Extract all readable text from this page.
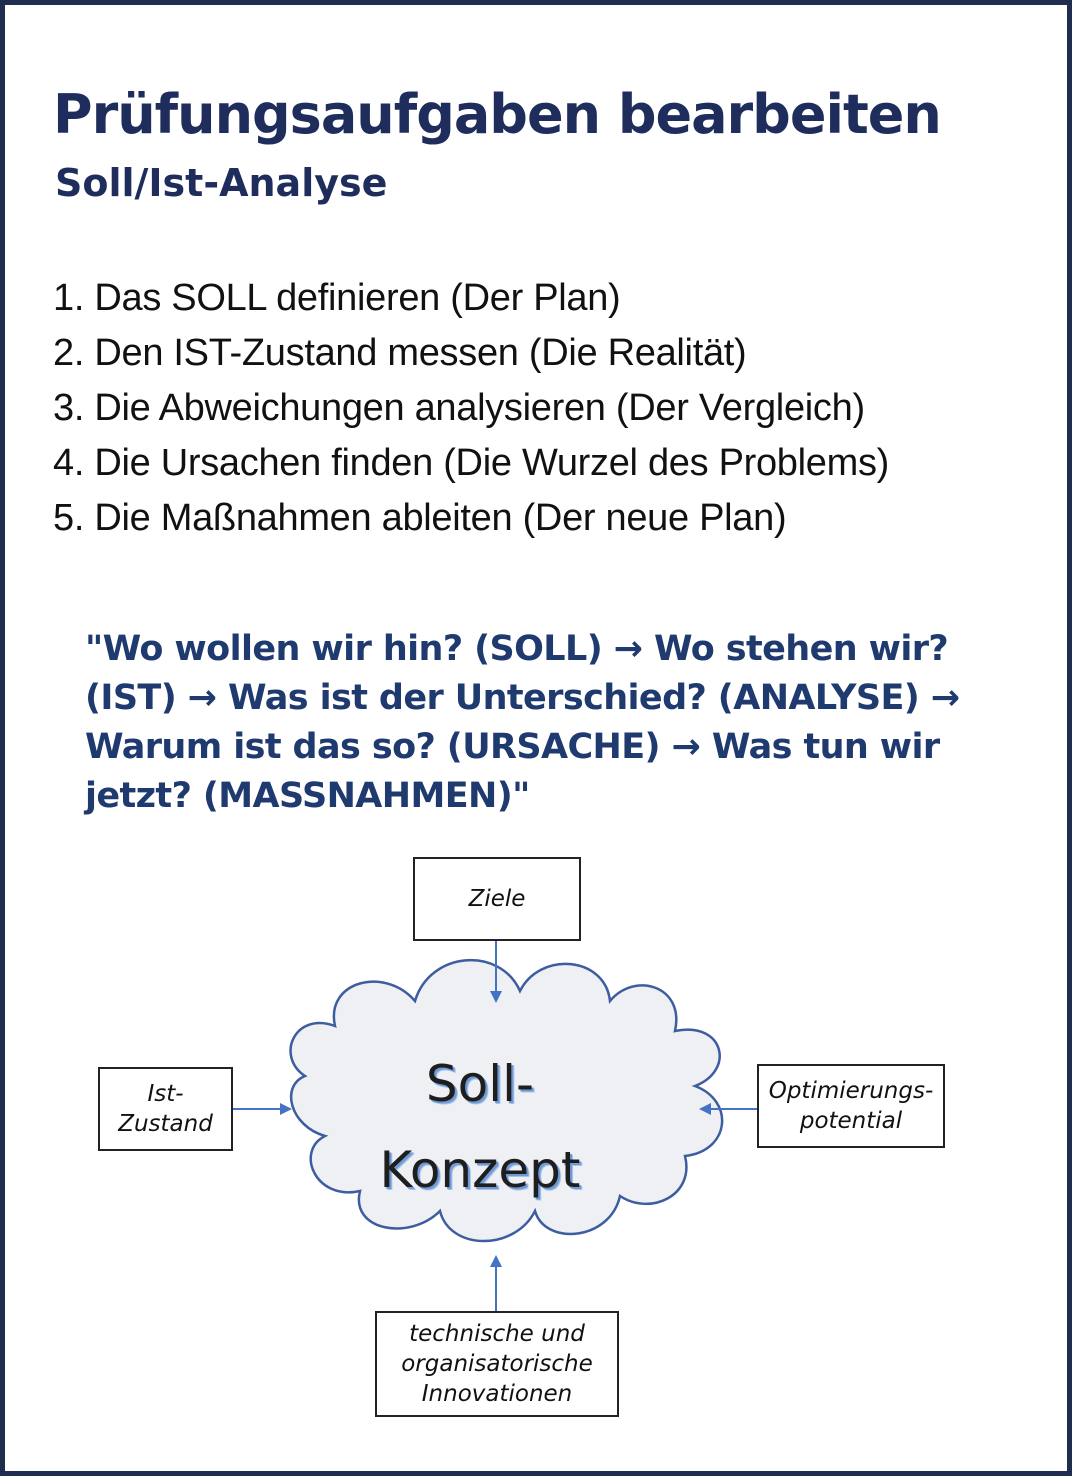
Prüfungsaufgaben bearbeiten
Soll/Ist-Analyse
1. Das SOLL definieren (Der Plan)
2. Den IST-Zustand messen (Die Realität)
3. Die Abweichungen analysieren (Der Vergleich)
4. Die Ursachen finden (Die Wurzel des Problems)
5. Die Maßnahmen ableiten (Der neue Plan)

"Wo wollen wir hin? (SOLL) → Wo stehen wir? (IST) → Was ist der Unterschied? (ANALYSE) → Warum ist das so? (URSACHE) → Was tun wir jetzt? (MASSNAHMEN)"

Soll-
Konzept
Ziele
Ist-
Zustand
Optimierungs-
potential
technische und
organisatorische
Innovationen
